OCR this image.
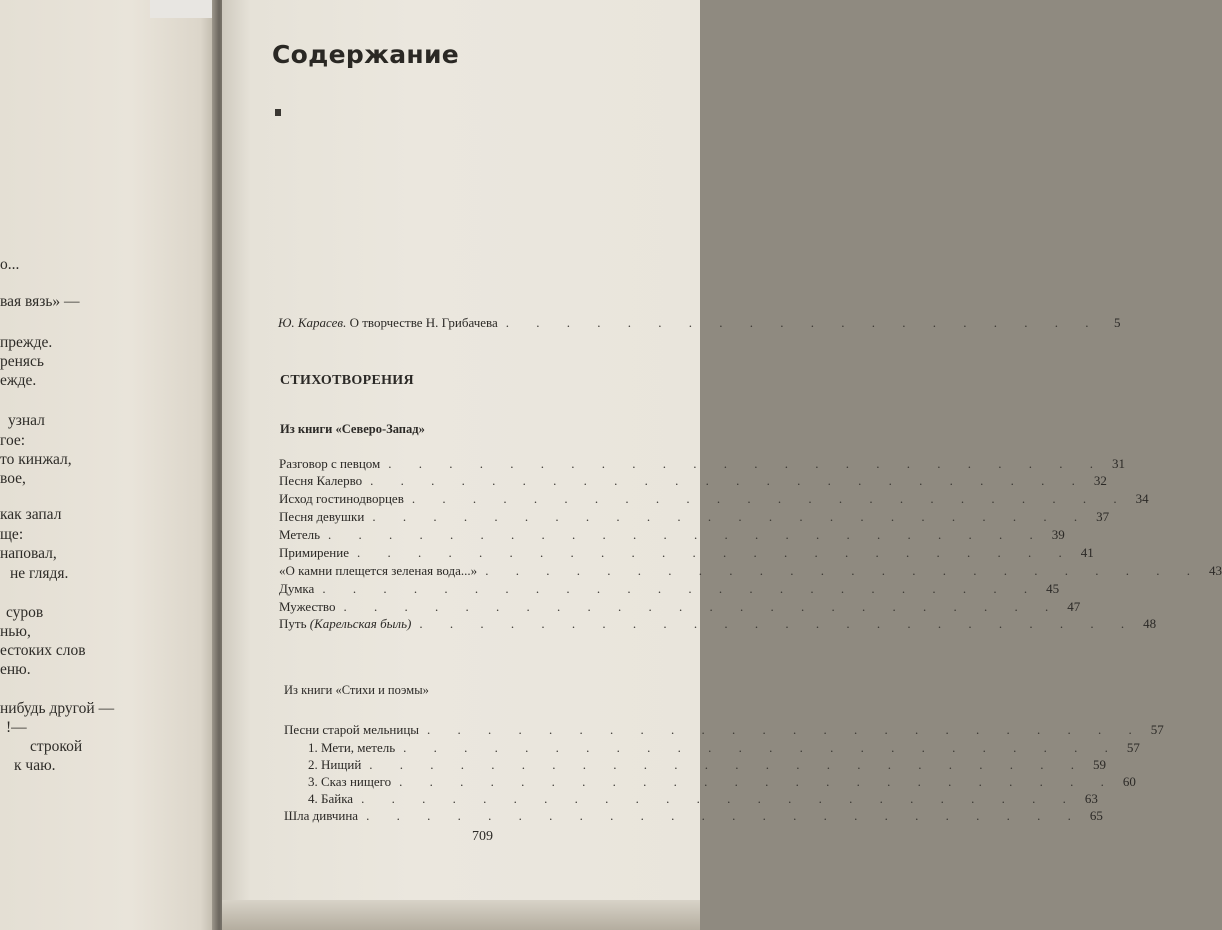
о...
вая вязь» —
прежде.
ренясь
ежде.
узнал
гое:
то кинжал,
вое,
как запал
ще:
наповал,
не глядя.
суров
нью,
естоких слов
еню.
нибудь другой —
!—
строкой
к чаю.
Содержание
Ю. Карасев. О творчестве Н. Грибачева . . . . . . . . . . . . . . . . . . . .	5
СТИХОТВОРЕНИЯ
Из книги «Северо-Запад»
Разговор с певцом . . . . . . . . . . . . . . . . . . . . . . . . 31
Песня Калерво . . . . . . . . . . . . . . . . . . . . . . . . 32
Исход гостинодворцев . . . . . . . . . . . . . . . . . . . . . . . . 34
Песня девушки . . . . . . . . . . . . . . . . . . . . . . . . 37
Метель . . . . . . . . . . . . . . . . . . . . . . . . 39
Примирение . . . . . . . . . . . . . . . . . . . . . . . . 41
«О камни плещется зеленая вода...» . . . . . . . . . . . . . . . . . . . . . . . . 43
Думка . . . . . . . . . . . . . . . . . . . . . . . . 45
Мужество . . . . . . . . . . . . . . . . . . . . . . . . 47
Путь (Карельская быль) . . . . . . . . . . . . . . . . . . . . . . . . 48
Из книги «Стихи и поэмы»
Песни старой мельницы . . . . . . . . . . . . . . . . . . . . . . . . 57
1. Мети, метель . . . . . . . . . . . . . . . . . . . . . . . . 57
2. Нищий . . . . . . . . . . . . . . . . . . . . . . . . 59
3. Сказ нищего . . . . . . . . . . . . . . . . . . . . . . . . 60
4. Байка . . . . . . . . . . . . . . . . . . . . . . . . 63
Шла дивчина . . . . . . . . . . . . . . . . . . . . . . . . 65
709
